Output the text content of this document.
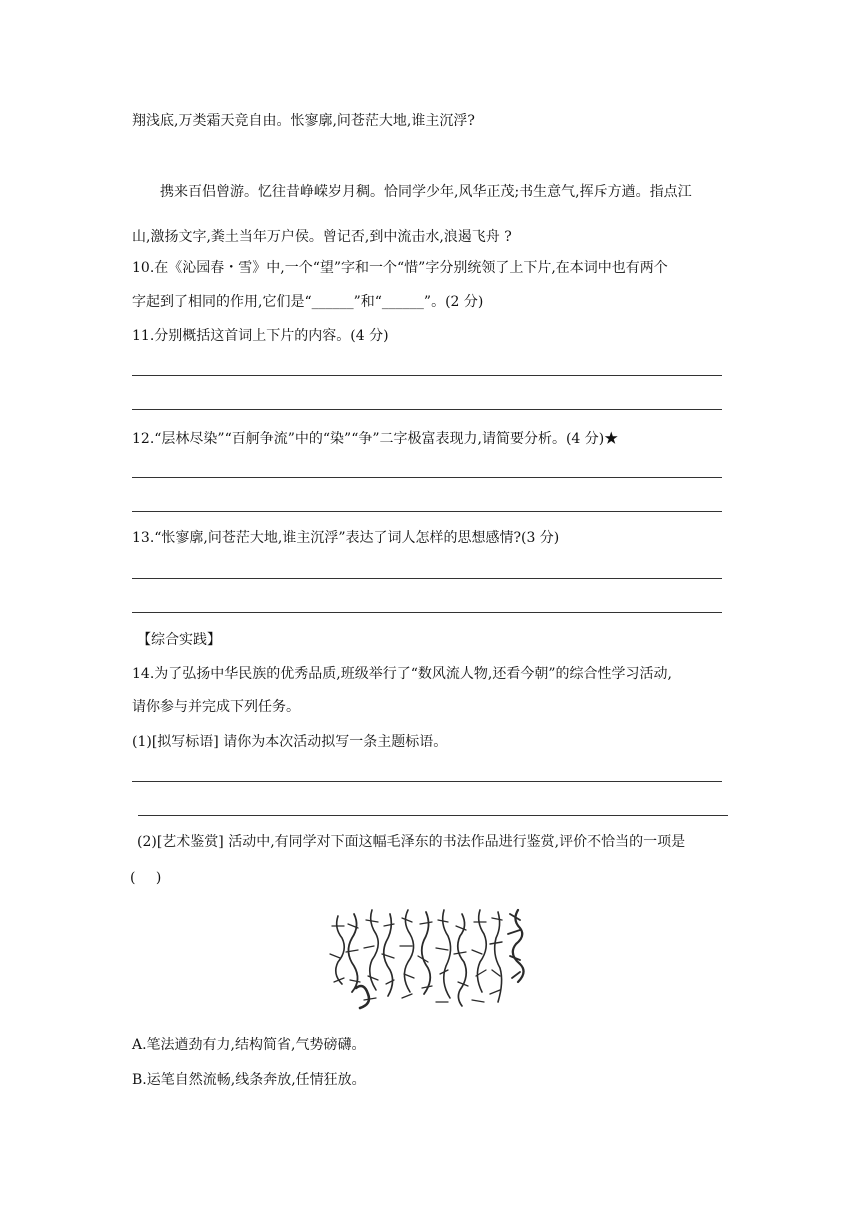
翔浅底,万类霜天竞自由。怅寥廓,问苍茫大地,谁主沉浮?
携来百侣曾游。忆往昔峥嵘岁月稠。恰同学少年,风华正茂;书生意气,挥斥方遒。指点江
山,激扬文字,粪土当年万户侯。曾记否,到中流击水,浪遏飞舟 ?
10.在《沁园春・雪》中,一个“望”字和一个“惜”字分别统领了上下片,在本词中也有两个
字起到了相同的作用,它们是“______”和“______”。(2 分)
11.分别概括这首词上下片的内容。(4 分)
12.“层林尽染”“百舸争流”中的“染”“争”二字极富表现力,请简要分析。(4 分)★
13.“怅寥廓,问苍茫大地,谁主沉浮”表达了词人怎样的思想感情?(3 分)
【综合实践】
14.为了弘扬中华民族的优秀品质,班级举行了“数风流人物,还看今朝”的综合性学习活动,
请你参与并完成下列任务。
(1)[拟写标语] 请你为本次活动拟写一条主题标语。
(2)[艺术鉴赏] 活动中,有同学对下面这幅毛泽东的书法作品进行鉴赏,评价不恰当的一项是
( )
A.笔法遒劲有力,结构简省,气势磅礴。
B.运笔自然流畅,线条奔放,任情狂放。
